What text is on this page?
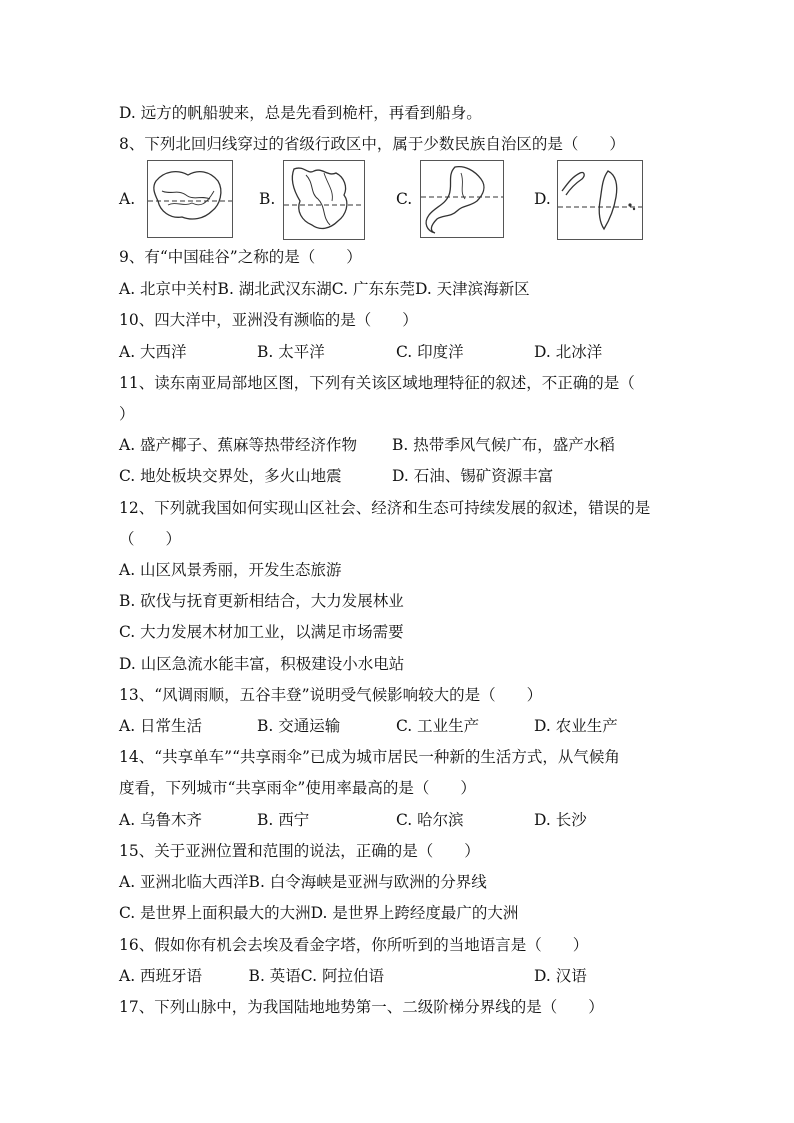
D. 远方的帆船驶来，总是先看到桅杆，再看到船身。
8、下列北回归线穿过的省级行政区中，属于少数民族自治区的是（　　）
A.	B.	C.	D.
9、有“中国硅谷”之称的是（　　）
A. 北京中关村B. 湖北武汉东湖C. 广东东莞D. 天津滨海新区
10、四大洋中，亚洲没有濒临的是（　　）
A. 大西洋	B. 太平洋	C. 印度洋	D. 北冰洋
11、读东南亚局部地区图，下列有关该区域地理特征的叙述，不正确的是（
）
A. 盛产椰子、蕉麻等热带经济作物 B. 热带季风气候广布，盛产水稻
C. 地处板块交界处，多火山地震	D. 石油、锡矿资源丰富
12、下列就我国如何实现山区社会、经济和生态可持续发展的叙述，错误的是
（　　）
A. 山区风景秀丽，开发生态旅游
B. 砍伐与抚育更新相结合，大力发展林业
C. 大力发展木材加工业，以满足市场需要
D. 山区急流水能丰富，积极建设小水电站
13、“风调雨顺，五谷丰登”说明受气候影响较大的是（　　）
A. 日常生活	B. 交通运输	C. 工业生产	D. 农业生产
14、“共享单车”“共享雨伞”已成为城市居民一种新的生活方式，从气候角
度看，下列城市“共享雨伞”使用率最高的是（　　）
A. 乌鲁木齐	B. 西宁	C. 哈尔滨	D. 长沙
15、关于亚洲位置和范围的说法，正确的是（　　）
A. 亚洲北临大西洋B. 白令海峡是亚洲与欧洲的分界线
C. 是世界上面积最大的大洲D. 是世界上跨经度最广的大洲
16、假如你有机会去埃及看金字塔，你所听到的当地语言是（　　）
A. 西班牙语　　　B. 英语C. 阿拉伯语	D. 汉语
17、下列山脉中，为我国陆地地势第一、二级阶梯分界线的是（　　）
